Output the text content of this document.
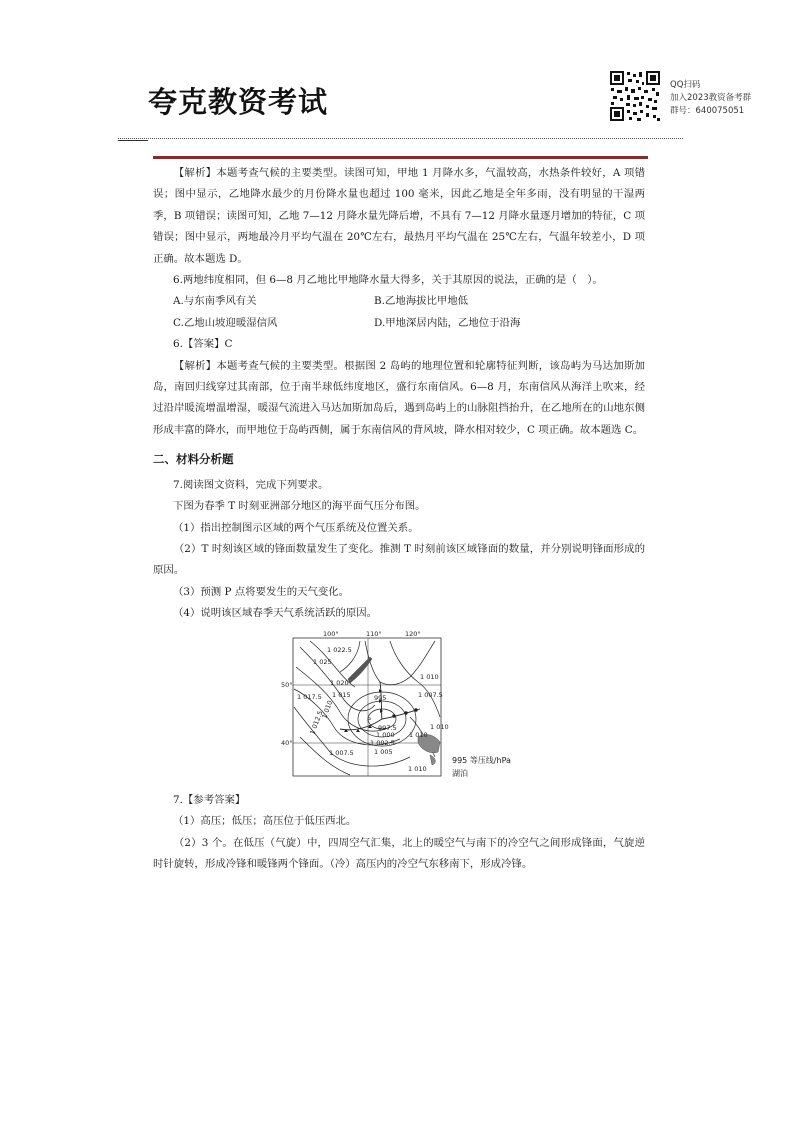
夸克教资考试	QQ扫码
加入2023教资备考群
群号：640075051

【解析】本题考查气候的主要类型。读图可知，甲地 1 月降水多，气温较高，水热条件较好，A 项错误；图中显示，乙地降水最少的月份降水量也超过 100 毫米，因此乙地是全年多雨，没有明显的干湿两季，B 项错误；读图可知，乙地 7—12 月降水量先降后增，不具有 7—12 月降水量逐月增加的特征，C 项错误；图中显示，两地最冷月平均气温在 20℃左右，最热月平均气温在 25℃左右，气温年较差小，D 项正确。故本题选 D。

6.两地纬度相同，但 6—8 月乙地比甲地降水量大得多，关于其原因的说法，正确的是（　）。

A.与东南季风有关	B.乙地海拔比甲地低
C.乙地山坡迎暖湿信风	D.甲地深居内陆，乙地位于沿海

6.【答案】C

【解析】本题考查气候的主要类型。根据图 2 岛屿的地理位置和轮廓特征判断，该岛屿为马达加斯加岛，南回归线穿过其南部，位于南半球低纬度地区，盛行东南信风。6—8 月，东南信风从海洋上吹来，经过沿岸暖流增温增湿，暖湿气流进入马达加斯加岛后，遇到岛屿上的山脉阻挡抬升，在乙地所在的山地东侧形成丰富的降水，而甲地位于岛屿西侧，属于东南信风的背风坡，降水相对较少，C 项正确。故本题选 C。

二、材料分析题

7.阅读图文资料，完成下列要求。

下图为春季 T 时刻亚洲部分地区的海平面气压分布图。

（1）指出控制图示区域的两个气压系统及位置关系。

（2）T 时刻该区域的锋面数量发生了变化。推测 T 时刻前该区域锋面的数量，并分别说明锋面形成的原因。

（3）预测 P 点将要发生的天气变化。

（4）说明该区域春季天气系统活跃的原因。

100°	110°	120°
50°
40°
1 022.5
1 025
1 020
1 017.5 1 015
1 010
1 012.5
1 007.5
1 007.5
1 010
995
997.5
1 000
1 002.5
1 005
1 010
1 010
1 010
P
995 等压线/hPa
湖泊

7.【参考答案】

（1）高压；低压；高压位于低压西北。

（2）3 个。在低压（气旋）中，四周空气汇集，北上的暖空气与南下的冷空气之间形成锋面，气旋逆时针旋转，形成冷锋和暖锋两个锋面。（冷）高压内的冷空气东移南下，形成冷锋。
